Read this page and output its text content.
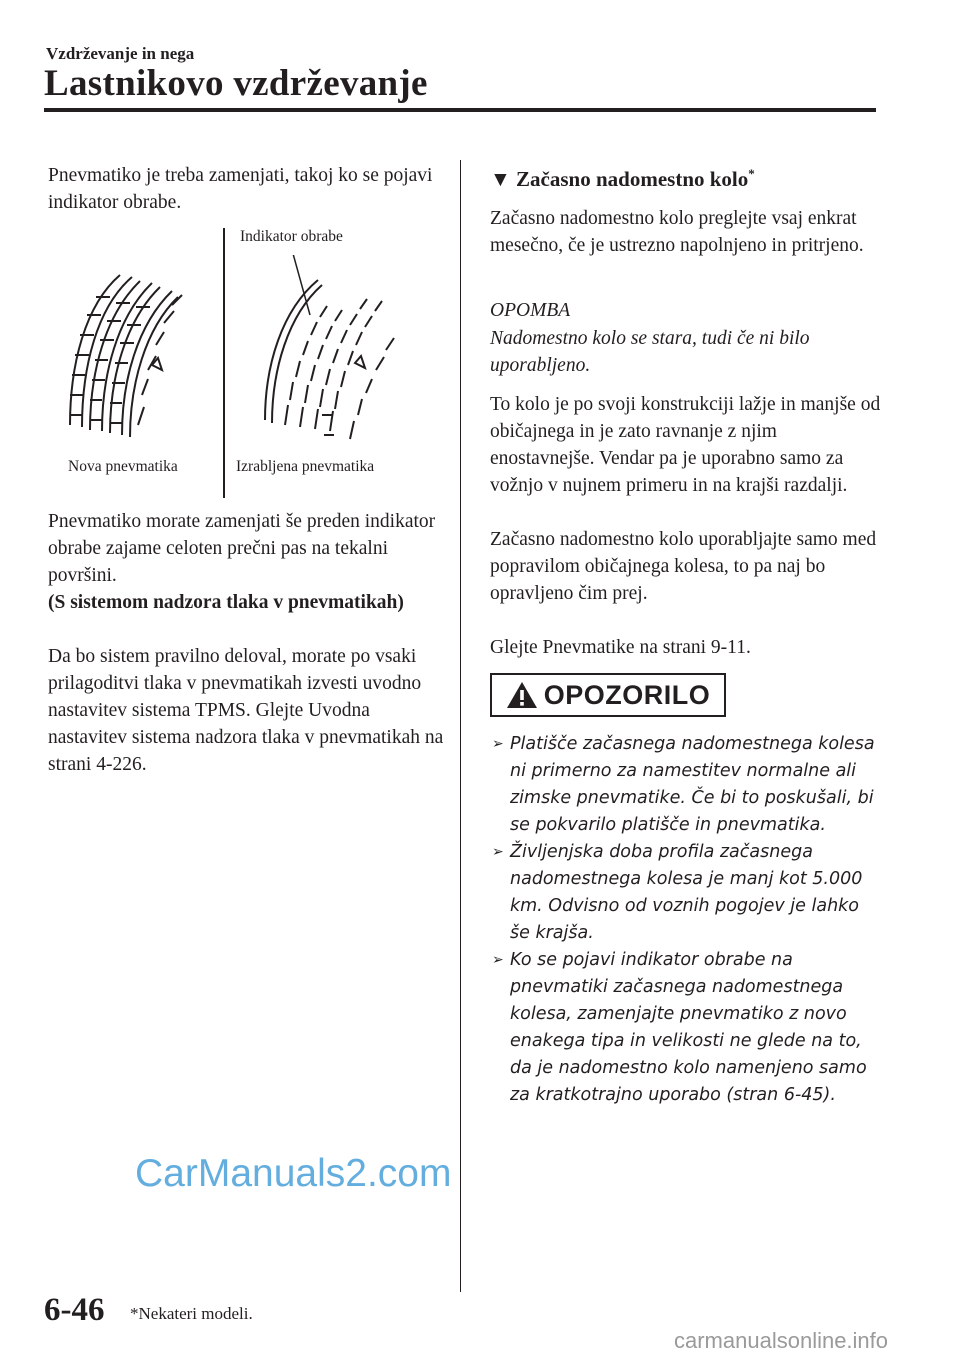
Vzdrževanje in nega
Lastnikovo vzdrževanje
Pnevmatiko je treba zamenjati, takoj ko se pojavi indikator obrabe.
Indikator obrabe
Nova pnevmatika	Izrabljena pnevmatika
Pnevmatiko morate zamenjati še preden indikator obrabe zajame celoten prečni pas na tekalni površini.
(S sistemom nadzora tlaka v pnevmatikah)
Da bo sistem pravilno deloval, morate po vsaki prilagoditvi tlaka v pnevmatikah izvesti uvodno nastavitev sistema TPMS. Glejte Uvodna nastavitev sistema nadzora tlaka v pnevmatikah na strani 4-226.
▼ Začasno nadomestno kolo*
Začasno nadomestno kolo preglejte vsaj enkrat mesečno, če je ustrezno napolnjeno in pritrjeno.
OPOMBA
Nadomestno kolo se stara, tudi če ni bilo uporabljeno.
To kolo je po svoji konstrukciji lažje in manjše od običajnega in je zato ravnanje z njim enostavnejše. Vendar pa je uporabno samo za vožnjo v nujnem primeru in na krajši razdalji.
Začasno nadomestno kolo uporabljajte samo med popravilom običajnega kolesa, to pa naj bo opravljeno čim prej.
Glejte Pnevmatike na strani 9-11.
OPOZORILO
➢ Platišče začasnega nadomestnega kolesa ni primerno za namestitev normalne ali zimske pnevmatike. Če bi to poskušali, bi se pokvarilo platišče in pnevmatika.
➢ Življenjska doba profila začasnega nadomestnega kolesa je manj kot 5.000 km. Odvisno od voznih pogojev je lahko še krajša.
➢ Ko se pojavi indikator obrabe na pnevmatiki začasnega nadomestnega kolesa, zamenjajte pnevmatiko z novo enakega tipa in velikosti ne glede na to, da je nadomestno kolo namenjeno samo za kratkotrajno uporabo (stran 6-45).
CarManuals2.com
6-46 *Nekateri modeli.
carmanualsonline.info
